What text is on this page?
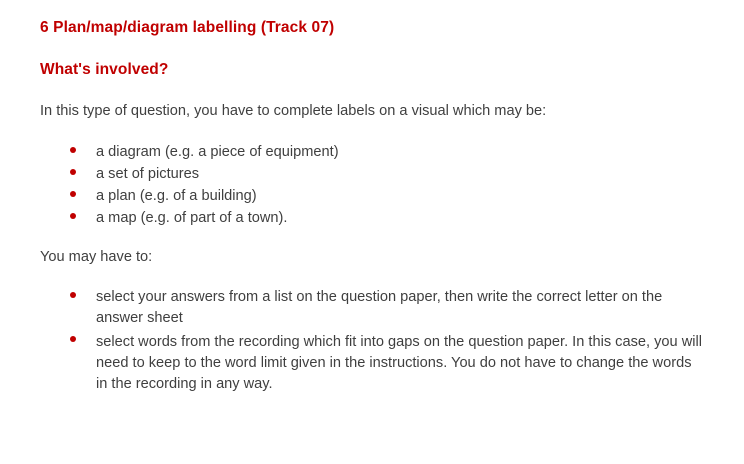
6 Plan/map/diagram labelling (Track 07)
What's involved?

In this type of question, you have to complete labels on a visual which may be:

a diagram (e.g. a piece of equipment)
a set of pictures
a plan (e.g. of a building)
a map (e.g. of part of a town).

You may have to:

select your answers from a list on the question paper, then write the correct letter on the answer sheet
select words from the recording which fit into gaps on the question paper. In this case, you will need to keep to the word limit given in the instructions. You do not have to change the words in the recording in any way.
